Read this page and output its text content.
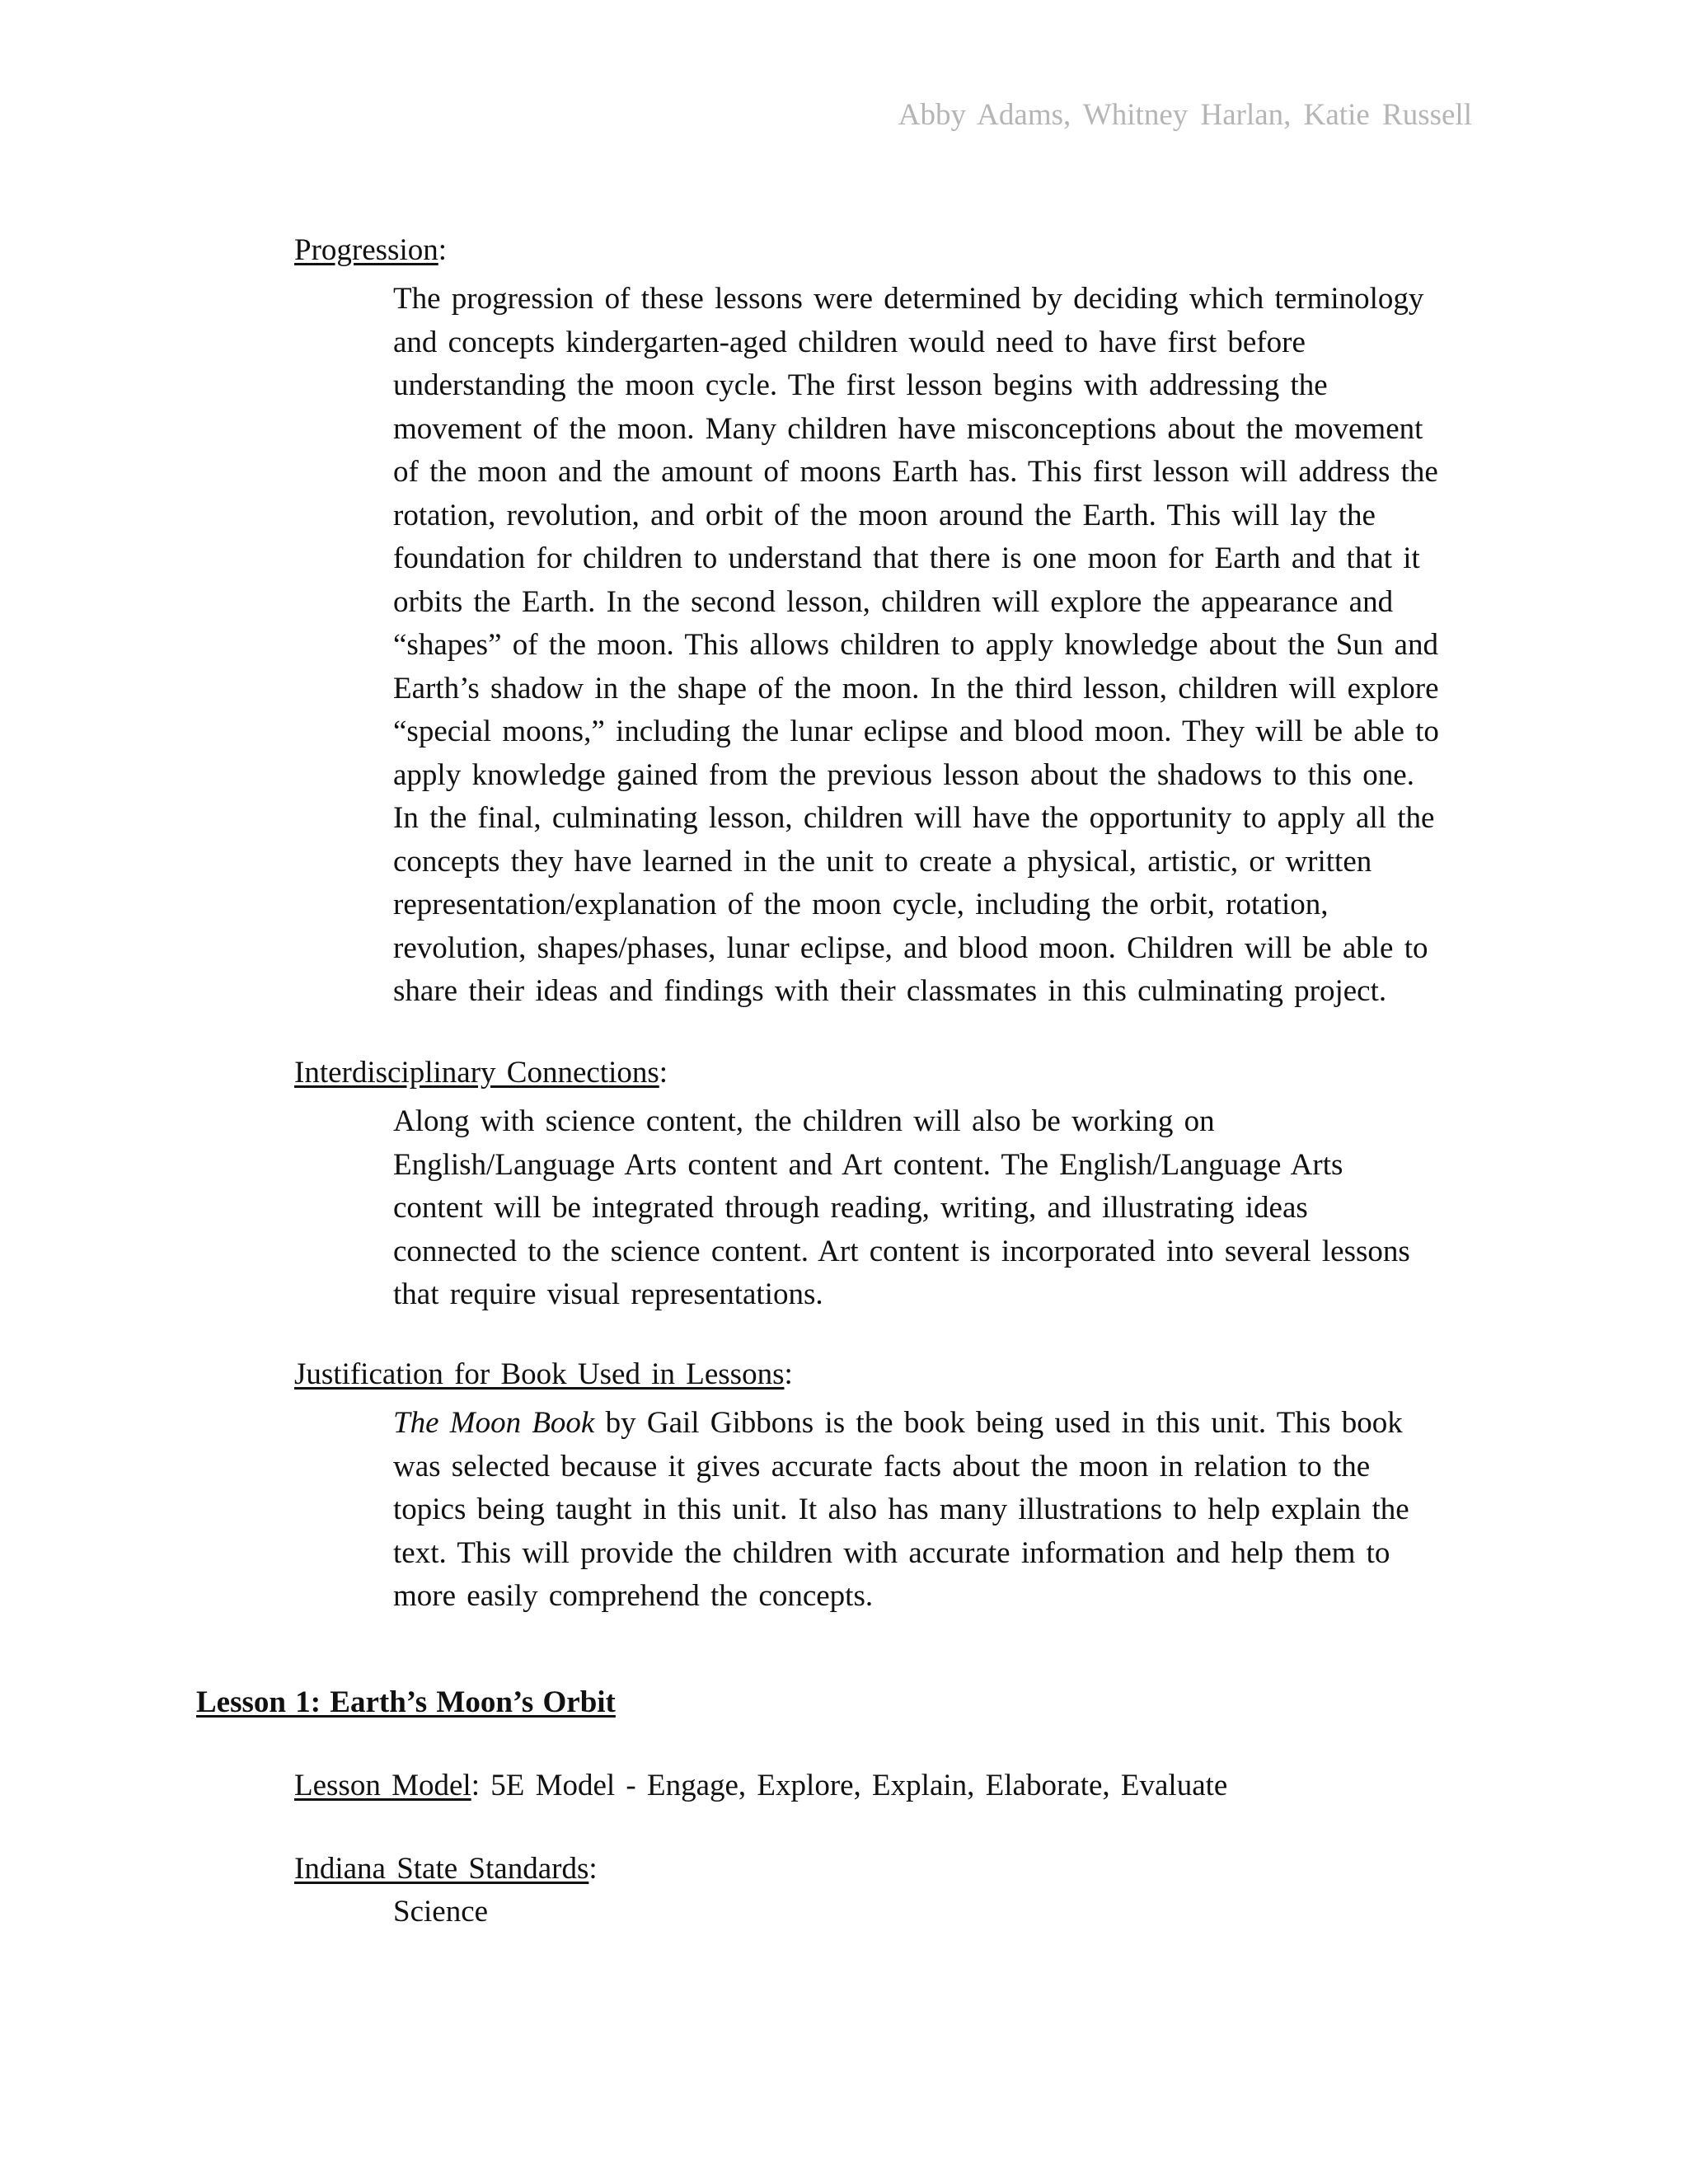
Abby Adams, Whitney Harlan, Katie Russell
Progression:
The progression of these lessons were determined by deciding which terminology
and concepts kindergarten-aged children would need to have first before
understanding the moon cycle. The first lesson begins with addressing the
movement of the moon. Many children have misconceptions about the movement
of the moon and the amount of moons Earth has. This first lesson will address the
rotation, revolution, and orbit of the moon around the Earth. This will lay the
foundation for children to understand that there is one moon for Earth and that it
orbits the Earth. In the second lesson, children will explore the appearance and
“shapes” of the moon. This allows children to apply knowledge about the Sun and
Earth’s shadow in the shape of the moon. In the third lesson, children will explore
“special moons,” including the lunar eclipse and blood moon. They will be able to
apply knowledge gained from the previous lesson about the shadows to this one.
In the final, culminating lesson, children will have the opportunity to apply all the
concepts they have learned in the unit to create a physical, artistic, or written
representation/explanation of the moon cycle, including the orbit, rotation,
revolution, shapes/phases, lunar eclipse, and blood moon. Children will be able to
share their ideas and findings with their classmates in this culminating project.
Interdisciplinary Connections:
Along with science content, the children will also be working on
English/Language Arts content and Art content. The English/Language Arts
content will be integrated through reading, writing, and illustrating ideas
connected to the science content. Art content is incorporated into several lessons
that require visual representations.
Justification for Book Used in Lessons:
The Moon Book by Gail Gibbons is the book being used in this unit. This book
was selected because it gives accurate facts about the moon in relation to the
topics being taught in this unit. It also has many illustrations to help explain the
text. This will provide the children with accurate information and help them to
more easily comprehend the concepts.
Lesson 1: Earth’s Moon’s Orbit
Lesson Model: 5E Model - Engage, Explore, Explain, Elaborate, Evaluate
Indiana State Standards:
Science
